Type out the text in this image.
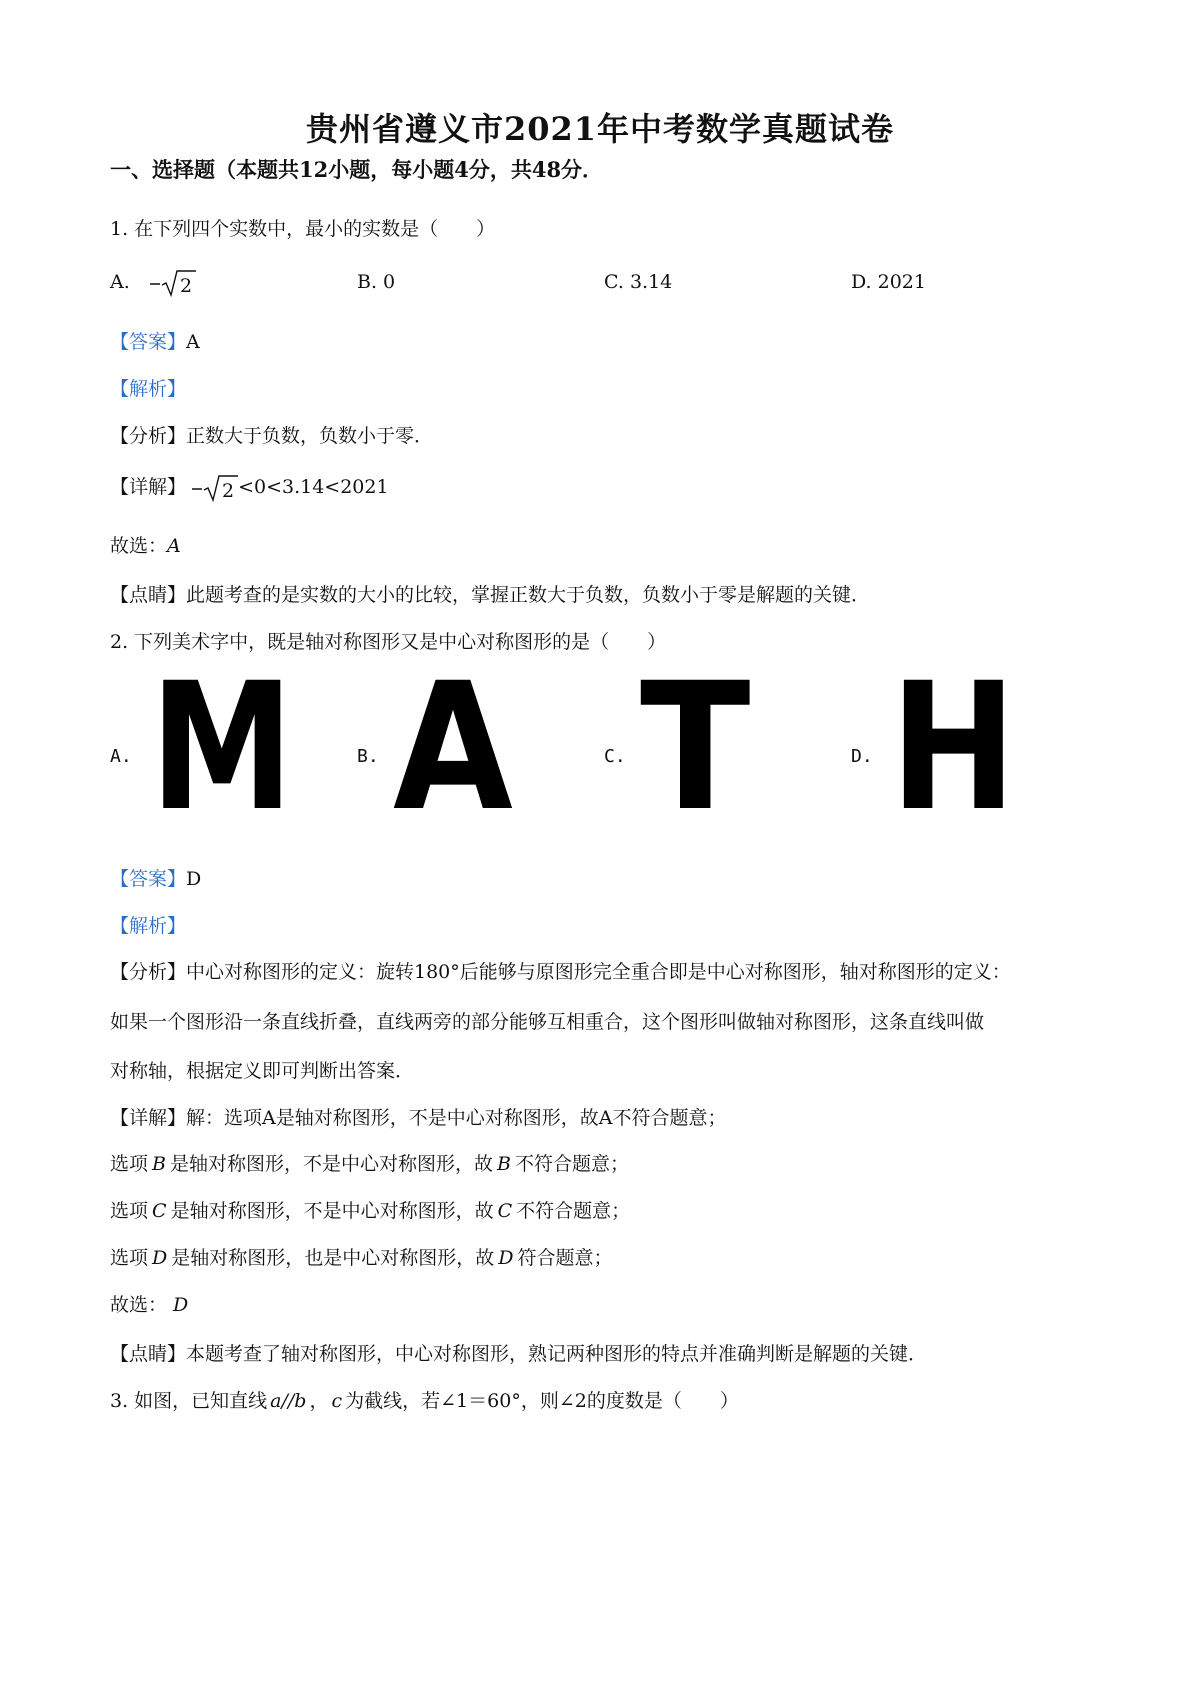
贵州省遵义市2021年中考数学真题试卷
一、选择题（本题共12小题，每小题4分，共48分．
1. 在下列四个实数中，最小的实数是（　　）
A.	2	B. 0	C. 3.14	D. 2021
【答案】A
【解析】
【分析】正数大于负数，负数小于零．
【详解】 2 <0<3.14<2021
故选：A
【点睛】此题考查的是实数的大小的比较，掌握正数大于负数，负数小于零是解题的关键．
2. 下列美术字中，既是轴对称图形又是中心对称图形的是（　　）
A. M	B. A	C. T	D. H
【答案】D
【解析】
【分析】中心对称图形的定义：旋转180°后能够与原图形完全重合即是中心对称图形，轴对称图形的定义：
如果一个图形沿一条直线折叠，直线两旁的部分能够互相重合，这个图形叫做轴对称图形，这条直线叫做
对称轴，根据定义即可判断出答案．
【详解】解：选项A是轴对称图形，不是中心对称图形，故A不符合题意；
选项 B 是轴对称图形，不是中心对称图形，故 B 不符合题意；
选项 C 是轴对称图形，不是中心对称图形，故 C 不符合题意；
选项 D 是轴对称图形，也是中心对称图形，故 D 符合题意；
故选： D
【点睛】本题考查了轴对称图形，中心对称图形，熟记两种图形的特点并准确判断是解题的关键．
3. 如图，已知直线 a//b ， c 为截线，若∠1＝60°，则∠2的度数是（　　）
